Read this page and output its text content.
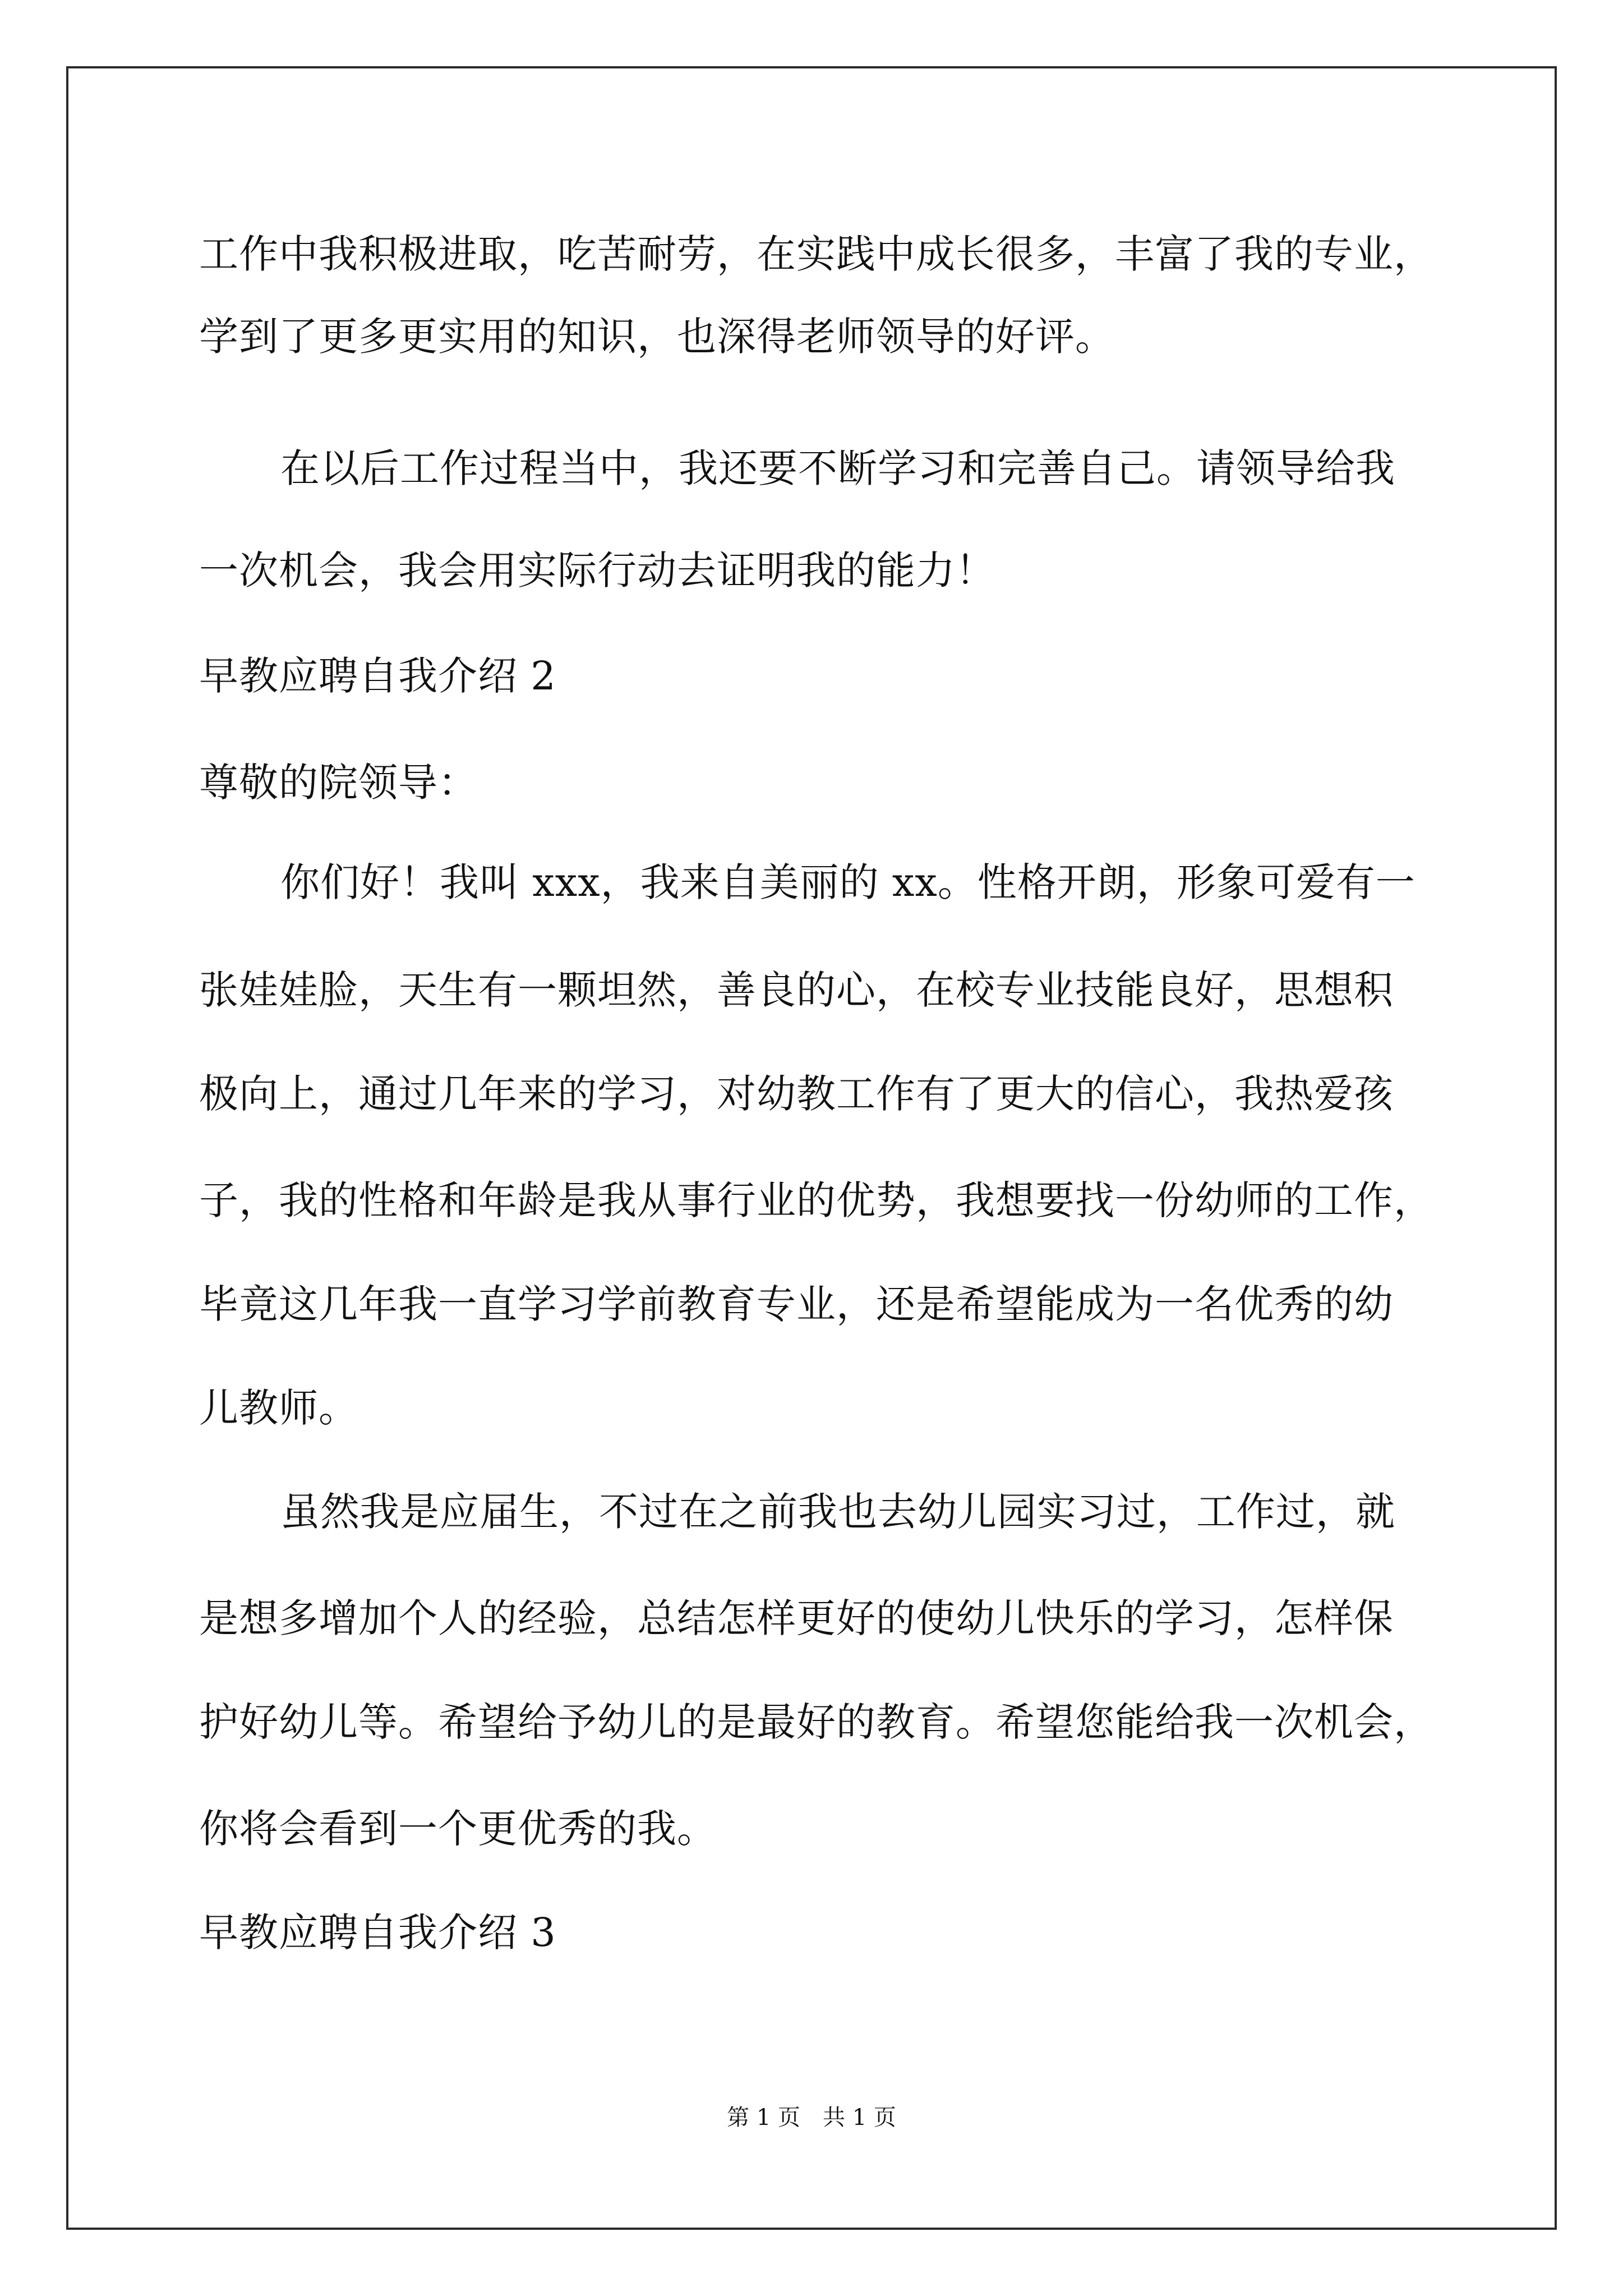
工作中我积极进取，吃苦耐劳，在实践中成长很多，丰富了我的专业，

学到了更多更实用的知识，也深得老师领导的好评。

在以后工作过程当中，我还要不断学习和完善自己。请领导给我

一次机会，我会用实际行动去证明我的能力！

早教应聘自我介绍 2

尊敬的院领导：

你们好！我叫 xxx，我来自美丽的 xx。性格开朗，形象可爱有一

张娃娃脸，天生有一颗坦然，善良的心，在校专业技能良好，思想积

极向上，通过几年来的学习，对幼教工作有了更大的信心，我热爱孩

子，我的性格和年龄是我从事行业的优势，我想要找一份幼师的工作，

毕竟这几年我一直学习学前教育专业，还是希望能成为一名优秀的幼

儿教师。

虽然我是应届生，不过在之前我也去幼儿园实习过，工作过，就

是想多增加个人的经验，总结怎样更好的使幼儿快乐的学习，怎样保

护好幼儿等。希望给予幼儿的是最好的教育。希望您能给我一次机会，

你将会看到一个更优秀的我。

早教应聘自我介绍 3

第 1 页　共 1 页
